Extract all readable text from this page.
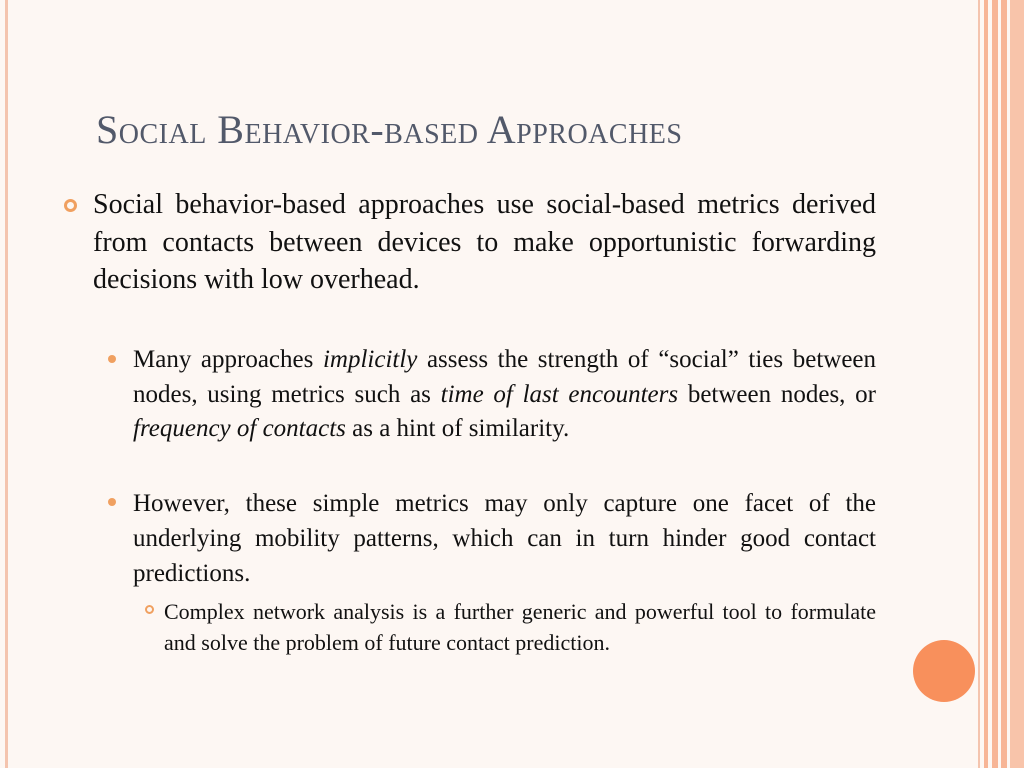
Social Behavior-based Approaches
Social behavior-based approaches use social-based metrics derived from contacts between devices to make opportunistic forwarding decisions with low overhead.
Many approaches implicitly assess the strength of “social” ties between nodes, using metrics such as time of last encounters between nodes, or frequency of contacts as a hint of similarity.
However, these simple metrics may only capture one facet of the underlying mobility patterns, which can in turn hinder good contact predictions.
Complex network analysis is a further generic and powerful tool to formulate and solve the problem of future contact prediction.
